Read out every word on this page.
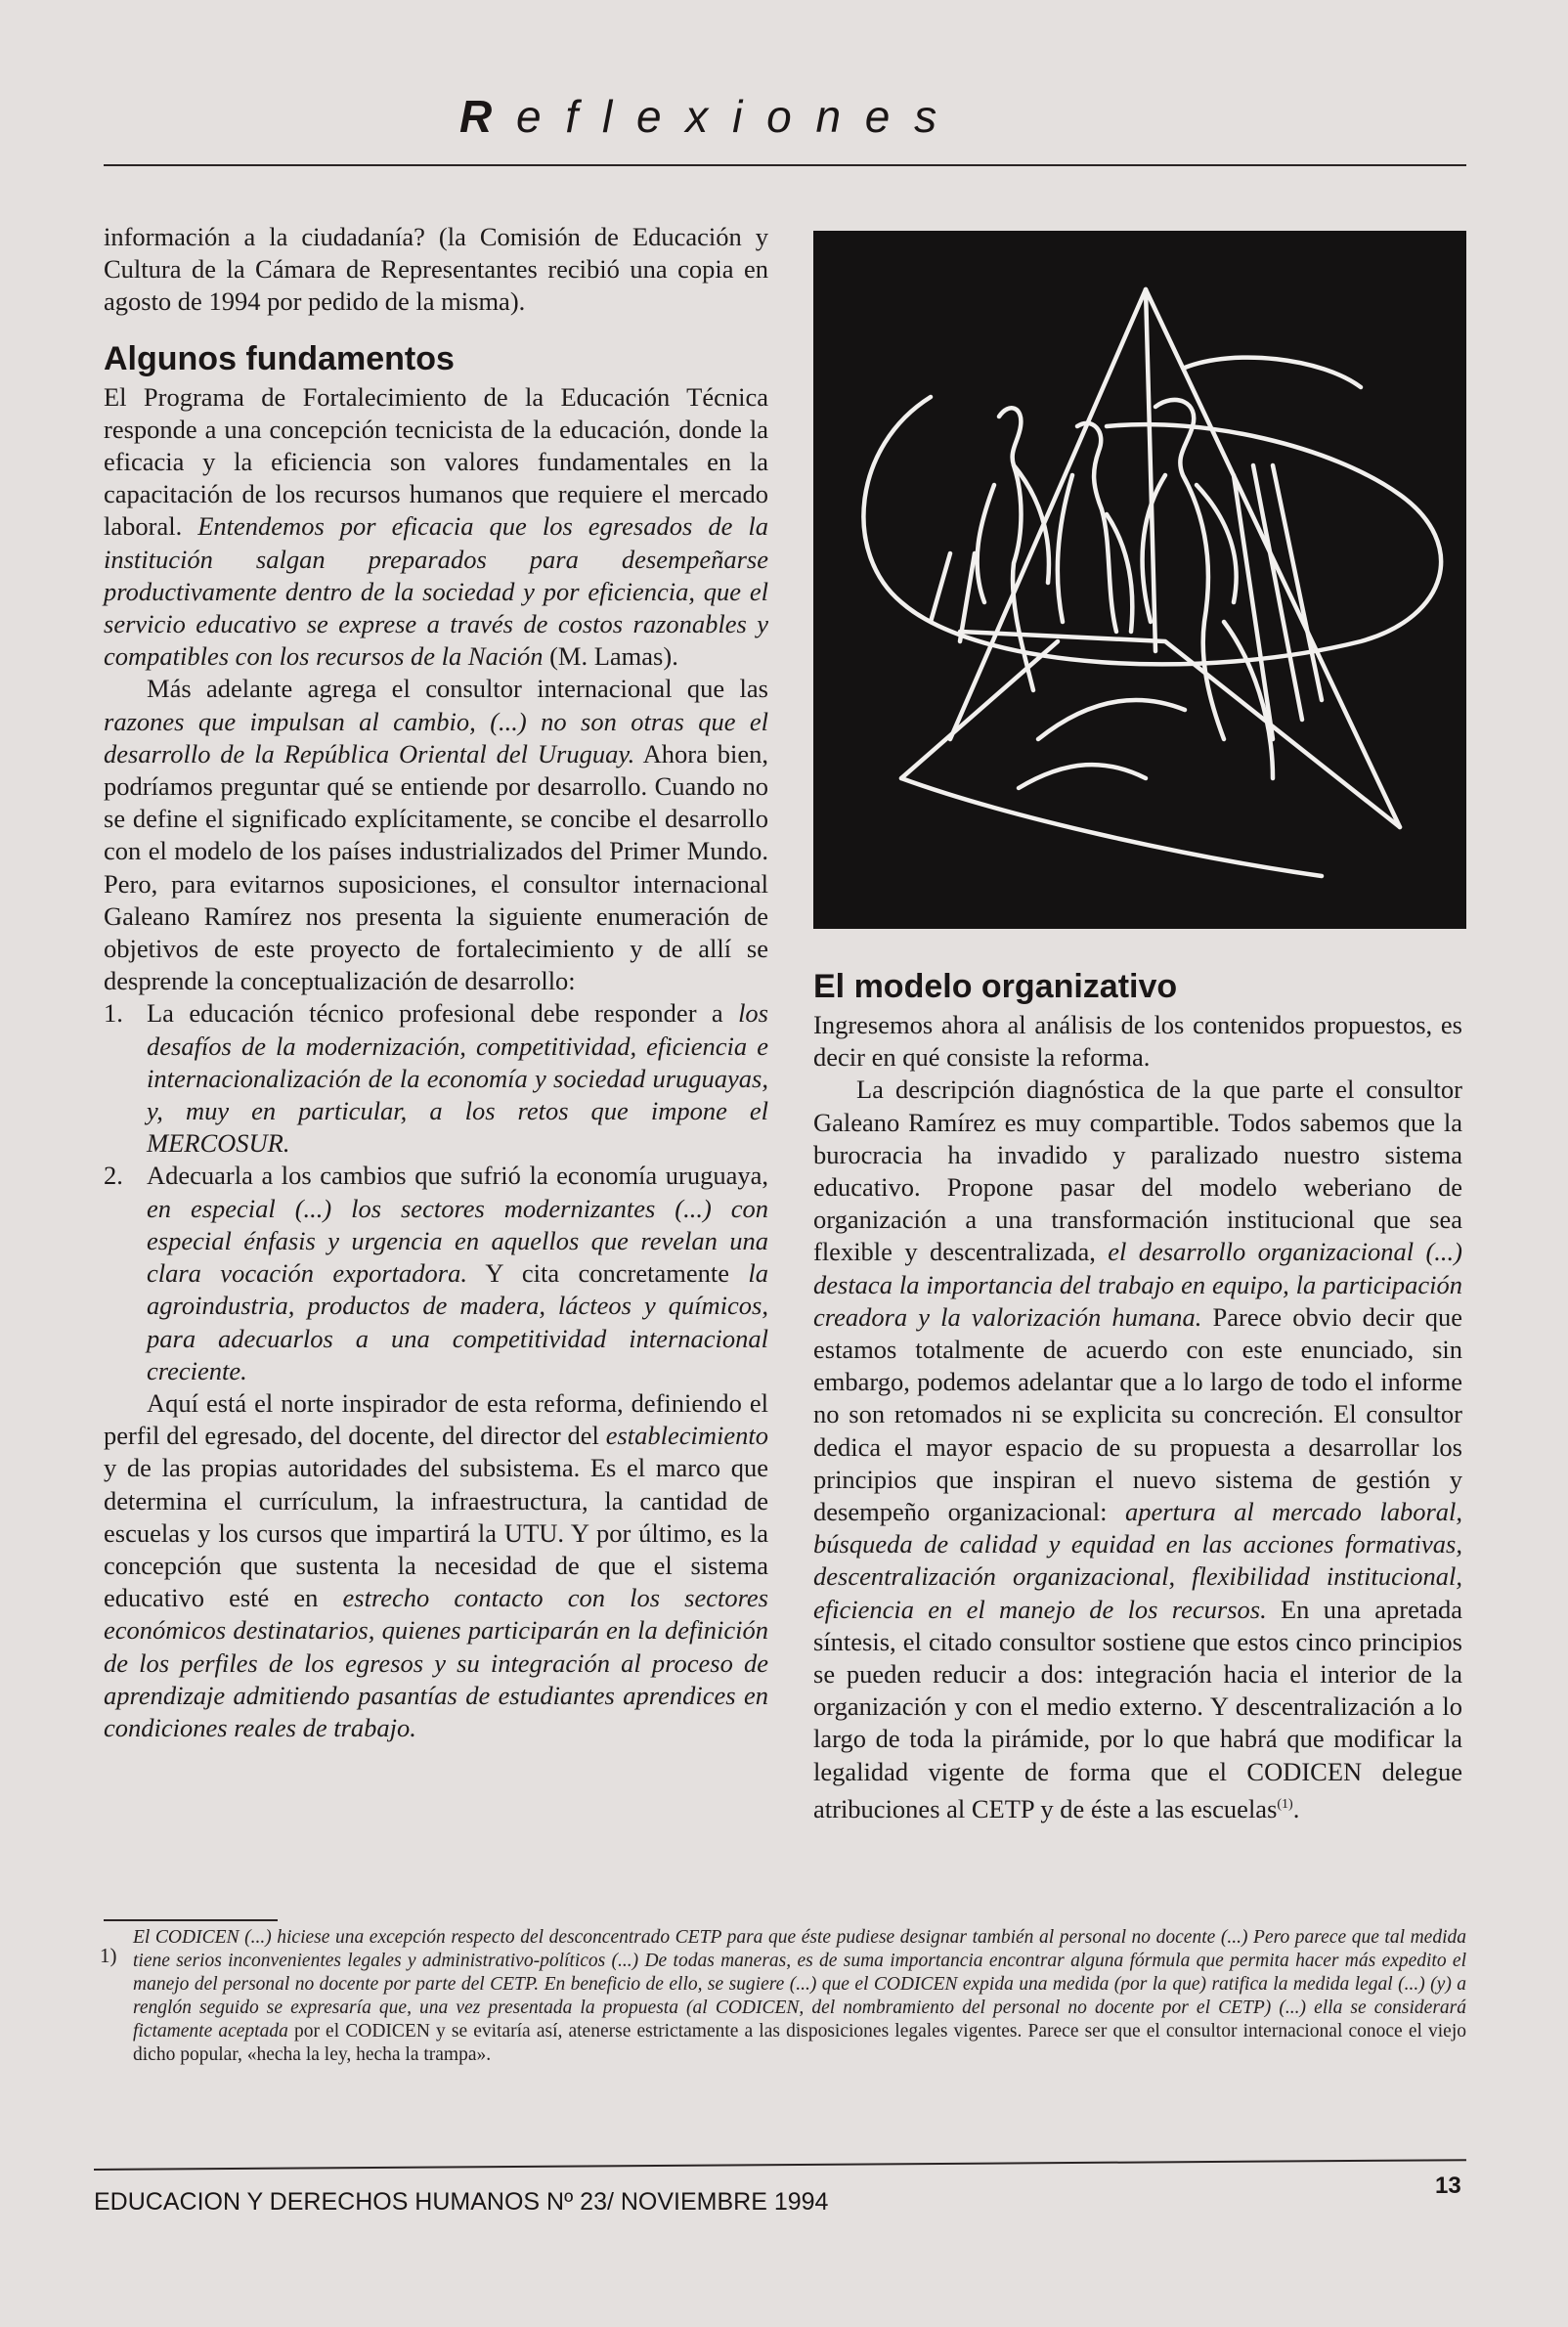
R e f l e x i o n e s

información a la ciudadanía? (la Comisión de Educación y Cultura de la Cámara de Representantes recibió una copia en agosto de 1994 por pedido de la misma).

Algunos fundamentos

El Programa de Fortalecimiento de la Educación Técnica responde a una concepción tecnicista de la educación, donde la eficacia y la eficiencia son valores fundamentales en la capacitación de los recursos humanos que requiere el mercado laboral. Entendemos por eficacia que los egresados de la institución salgan preparados para desempeñarse productivamente dentro de la sociedad y por eficiencia, que el servicio educativo se exprese a través de costos razonables y compatibles con los recursos de la Nación (M. Lamas).

Más adelante agrega el consultor internacional que las razones que impulsan al cambio, (...) no son otras que el desarrollo de la República Oriental del Uruguay. Ahora bien, podríamos preguntar qué se entiende por desarrollo. Cuando no se define el significado explícitamente, se concibe el desarrollo con el modelo de los países industrializados del Primer Mundo. Pero, para evitarnos suposiciones, el consultor internacional Galeano Ramírez nos presenta la siguiente enumeración de objetivos de este proyecto de fortalecimiento y de allí se desprende la conceptualización de desarrollo:

1. La educación técnico profesional debe responder a los desafíos de la modernización, competitividad, eficiencia e internacionalización de la economía y sociedad uruguayas, y, muy en particular, a los retos que impone el MERCOSUR.
2. Adecuarla a los cambios que sufrió la economía uruguaya, en especial (...) los sectores modernizantes (...) con especial énfasis y urgencia en aquellos que revelan una clara vocación exportadora. Y cita concretamente la agroindustria, productos de madera, lácteos y químicos, para adecuarlos a una competitividad internacional creciente.

Aquí está el norte inspirador de esta reforma, definiendo el perfil del egresado, del docente, del director del establecimiento y de las propias autoridades del subsistema. Es el marco que determina el currículum, la infraestructura, la cantidad de escuelas y los cursos que impartirá la UTU. Y por último, es la concepción que sustenta la necesidad de que el sistema educativo esté en estrecho contacto con los sectores económicos destinatarios, quienes participarán en la definición de los perfiles de los egresos y su integración al proceso de aprendizaje admitiendo pasantías de estudiantes aprendices en condiciones reales de trabajo.

El modelo organizativo

Ingresemos ahora al análisis de los contenidos propuestos, es decir en qué consiste la reforma.

La descripción diagnóstica de la que parte el consultor Galeano Ramírez es muy compartible. Todos sabemos que la burocracia ha invadido y paralizado nuestro sistema educativo. Propone pasar del modelo weberiano de organización a una transformación institucional que sea flexible y descentralizada, el desarrollo organizacional (...) destaca la importancia del trabajo en equipo, la participación creadora y la valorización humana. Parece obvio decir que estamos totalmente de acuerdo con este enunciado, sin embargo, podemos adelantar que a lo largo de todo el informe no son retomados ni se explicita su concreción. El consultor dedica el mayor espacio de su propuesta a desarrollar los principios que inspiran el nuevo sistema de gestión y desempeño organizacional: apertura al mercado laboral, búsqueda de calidad y equidad en las acciones formativas, descentralización organizacional, flexibilidad institucional, eficiencia en el manejo de los recursos. En una apretada síntesis, el citado consultor sostiene que estos cinco principios se pueden reducir a dos: integración hacia el interior de la organización y con el medio externo. Y descentralización a lo largo de toda la pirámide, por lo que habrá que modificar la legalidad vigente de forma que el CODICEN delegue atribuciones al CETP y de éste a las escuelas$^{(1)}$.

1)
El CODICEN (...) hiciese una excepción respecto del desconcentrado CETP para que éste pudiese designar también al personal no docente (...) Pero parece que tal medida tiene serios inconvenientes legales y administrativo-políticos (...) De todas maneras, es de suma importancia encontrar alguna fórmula que permita hacer más expedito el manejo del personal no docente por parte del CETP. En beneficio de ello, se sugiere (...) que el CODICEN expida una medida (por la que) ratifica la medida legal (...) (y) a renglón seguido se expresaría que, una vez presentada la propuesta (al CODICEN, del nombramiento del personal no docente por el CETP) (...) ella se considerará fictamente aceptada por el CODICEN y se evitaría así, atenerse estrictamente a las disposiciones legales vigentes. Parece ser que el consultor internacional conoce el viejo dicho popular, «hecha la ley, hecha la trampa».
EDUCACION Y DERECHOS HUMANOS Nº 23/ NOVIEMBRE 1994
13
